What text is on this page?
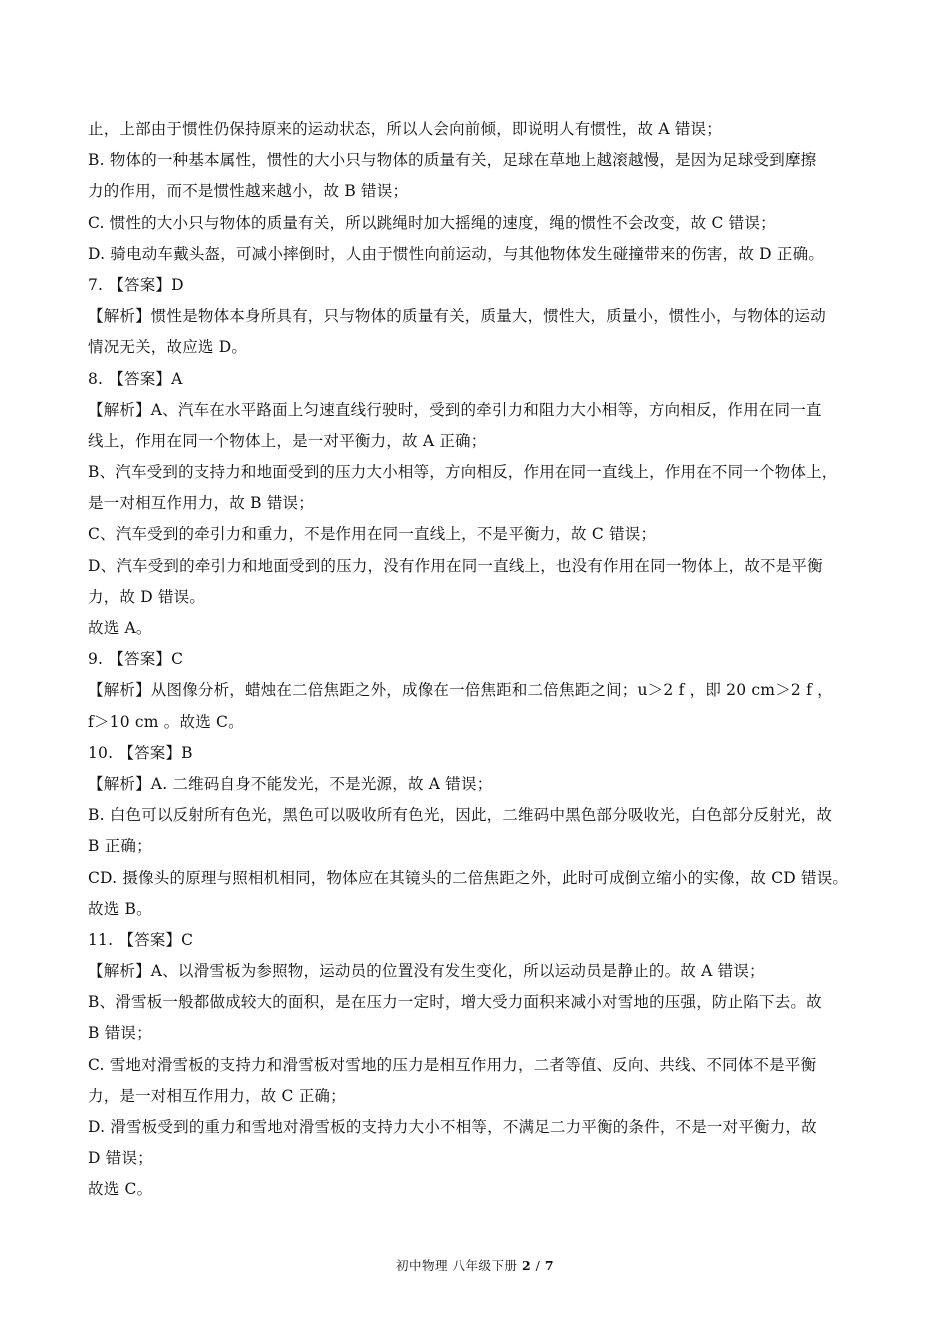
止，上部由于惯性仍保持原来的运动状态，所以人会向前倾，即说明人有惯性，故 A 错误；
B. 物体的一种基本属性，惯性的大小只与物体的质量有关，足球在草地上越滚越慢，是因为足球受到摩擦
力的作用，而不是惯性越来越小，故 B 错误；
C. 惯性的大小只与物体的质量有关，所以跳绳时加大摇绳的速度，绳的惯性不会改变，故 C 错误；
D. 骑电动车戴头盔，可减小摔倒时，人由于惯性向前运动，与其他物体发生碰撞带来的伤害，故 D 正确。
7. 【答案】D
【解析】惯性是物体本身所具有，只与物体的质量有关，质量大，惯性大，质量小，惯性小，与物体的运动
情况无关，故应选 D。
8. 【答案】A
【解析】A、汽车在水平路面上匀速直线行驶时，受到的牵引力和阻力大小相等，方向相反，作用在同一直
线上，作用在同一个物体上，是一对平衡力，故 A 正确；
B、汽车受到的支持力和地面受到的压力大小相等，方向相反，作用在同一直线上，作用在不同一个物体上，
是一对相互作用力，故 B 错误；
C、汽车受到的牵引力和重力，不是作用在同一直线上，不是平衡力，故 C 错误；
D、汽车受到的牵引力和地面受到的压力，没有作用在同一直线上，也没有作用在同一物体上，故不是平衡
力，故 D 错误。
故选 A。
9. 【答案】C
【解析】从图像分析，蜡烛在二倍焦距之外，成像在一倍焦距和二倍焦距之间；u＞2 f ，即 20 cm＞2 f ，
f＞10 cm 。故选 C。
10. 【答案】B
【解析】A. 二维码自身不能发光，不是光源，故 A 错误；
B. 白色可以反射所有色光，黑色可以吸收所有色光，因此，二维码中黑色部分吸收光，白色部分反射光，故
B 正确；
CD. 摄像头的原理与照相机相同，物体应在其镜头的二倍焦距之外，此时可成倒立缩小的实像，故 CD 错误。
故选 B。
11. 【答案】C
【解析】A、以滑雪板为参照物，运动员的位置没有发生变化，所以运动员是静止的。故 A 错误；
B、滑雪板一般都做成较大的面积，是在压力一定时，增大受力面积来减小对雪地的压强，防止陷下去。故
B 错误；
C. 雪地对滑雪板的支持力和滑雪板对雪地的压力是相互作用力，二者等值、反向、共线、不同体不是平衡
力，是一对相互作用力，故 C 正确；
D. 滑雪板受到的重力和雪地对滑雪板的支持力大小不相等，不满足二力平衡的条件，不是一对平衡力，故
D 错误；
故选 C。
初中物理 八年级下册 2 / 7
